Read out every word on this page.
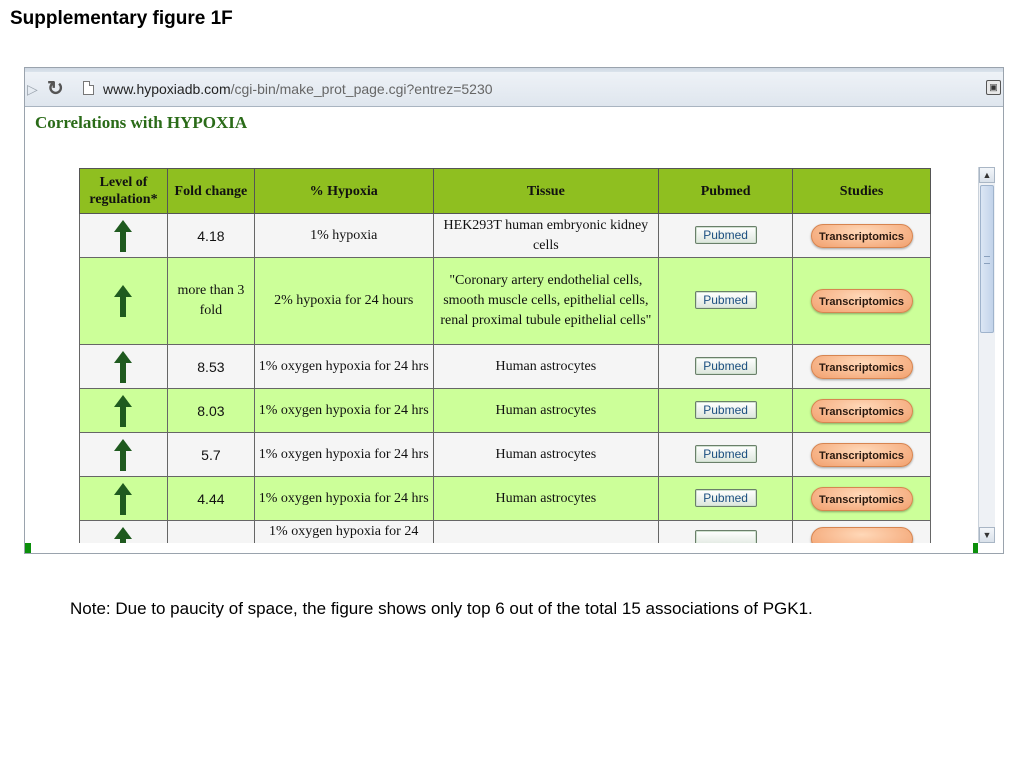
Supplementary figure 1F
▷ ↻	www.hypoxiadb.com/cgi-bin/make_prot_page.cgi?entrez=5230	▣
Correlations with HYPOXIA
Level of regulation*	Fold change	% Hypoxia	Tissue	Pubmed	Studies
	4.18	1% hypoxia	HEK293T human embryonic kidney cells	Pubmed	Transcriptomics
	more than 3 fold	2% hypoxia for 24 hours	"Coronary artery endothelial cells, smooth muscle cells, epithelial cells, renal proximal tubule epithelial cells"	Pubmed	Transcriptomics
	8.53	1% oxygen hypoxia for 24 hrs	Human astrocytes	Pubmed	Transcriptomics
	8.03	1% oxygen hypoxia for 24 hrs	Human astrocytes	Pubmed	Transcriptomics
	5.7	1% oxygen hypoxia for 24 hrs	Human astrocytes	Pubmed	Transcriptomics
	4.44	1% oxygen hypoxia for 24 hrs	Human astrocytes	Pubmed	Transcriptomics
		1% oxygen hypoxia for 24			
▲
▼
Note: Due to paucity of space, the figure shows only top 6 out of the total 15 associations of PGK1.
